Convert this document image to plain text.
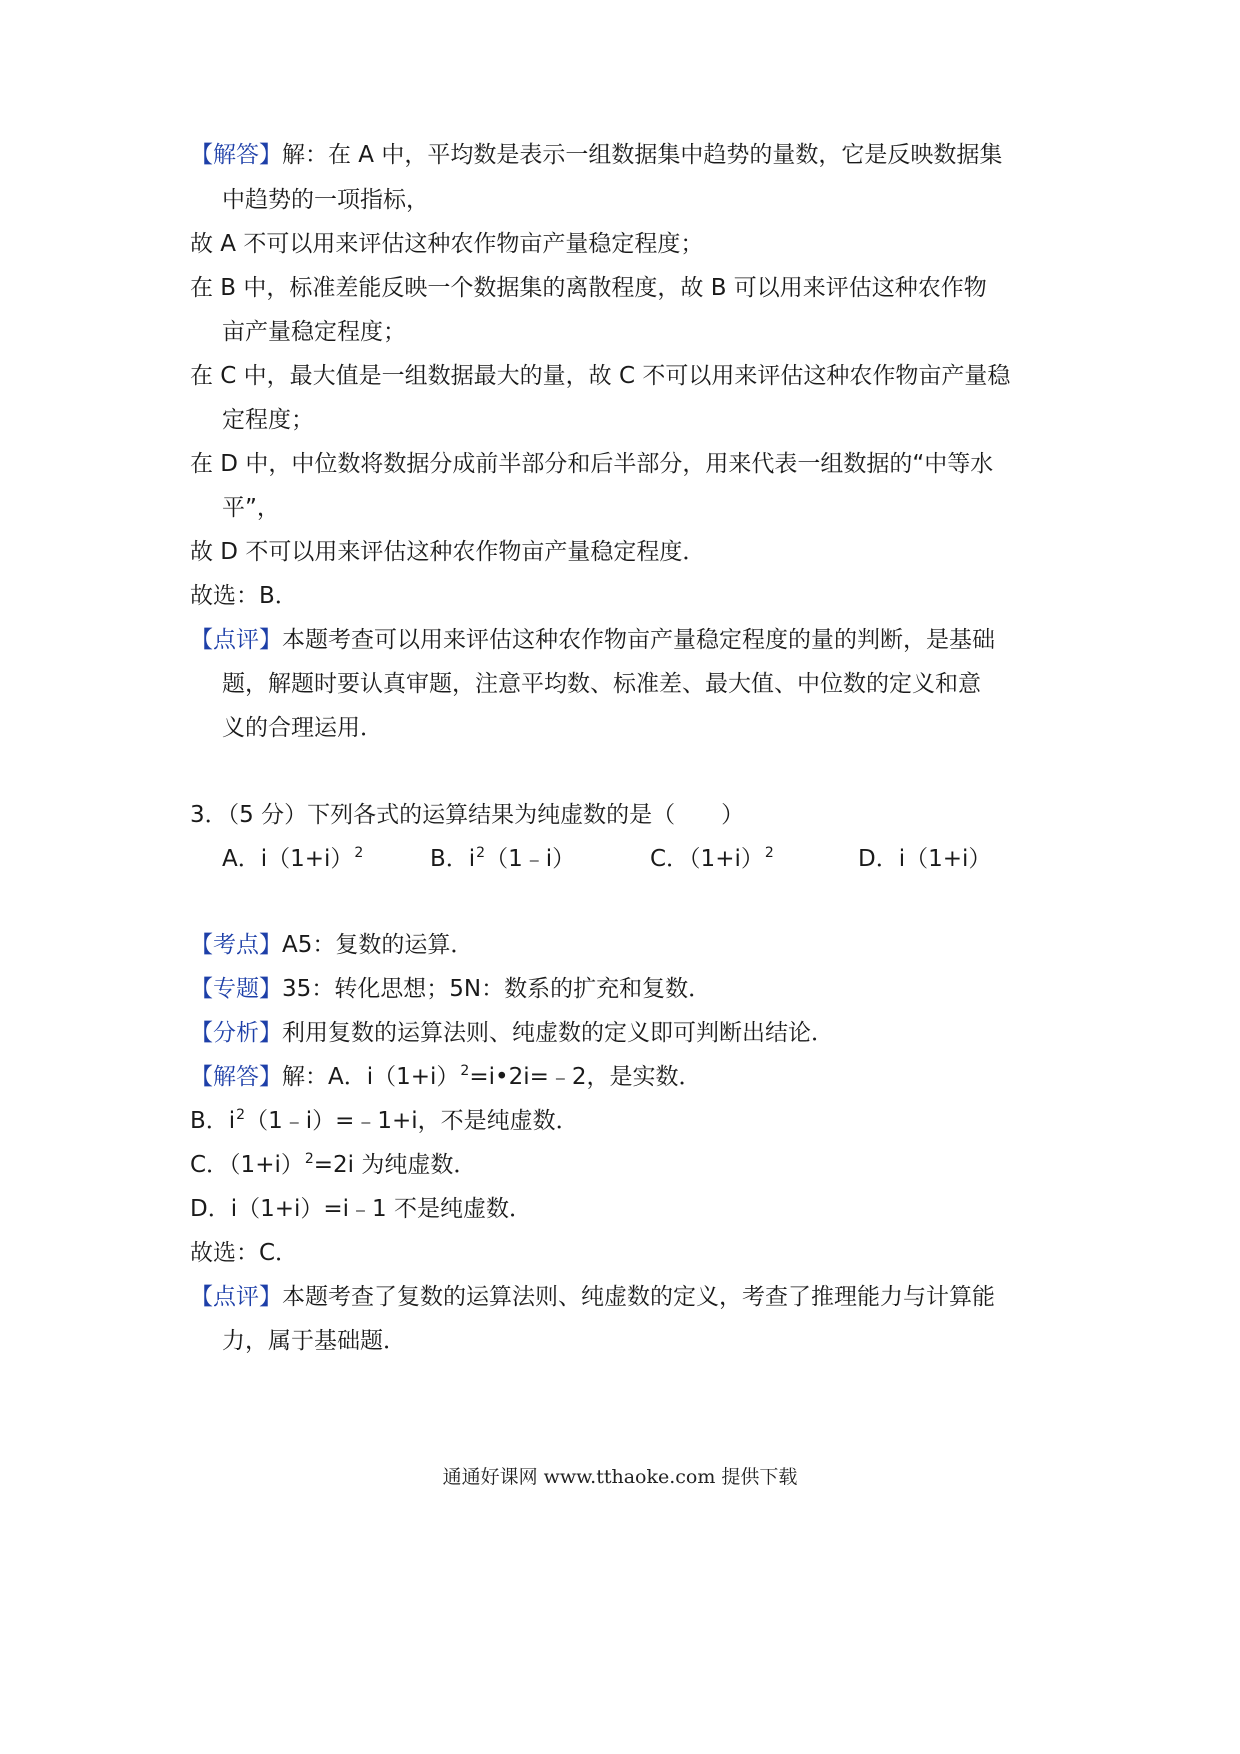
【解答】解：在 A 中，平均数是表示一组数据集中趋势的量数，它是反映数据集
中趋势的一项指标，
故 A 不可以用来评估这种农作物亩产量稳定程度；
在 B 中，标准差能反映一个数据集的离散程度，故 B 可以用来评估这种农作物
亩产量稳定程度；
在 C 中，最大值是一组数据最大的量，故 C 不可以用来评估这种农作物亩产量稳
定程度；
在 D 中，中位数将数据分成前半部分和后半部分，用来代表一组数据的“中等水
平”，
故 D 不可以用来评估这种农作物亩产量稳定程度．
故选：B．
【点评】本题考查可以用来评估这种农作物亩产量稳定程度的量的判断，是基础
题，解题时要认真审题，注意平均数、标准差、最大值、中位数的定义和意
义的合理运用．
3．（5 分）下列各式的运算结果为纯虚数的是（　　）
A．$i(1+i)^2$	B．$i^2(1﹣i)$	C．$(1+i)^2$	D．i（1+i）
【考点】A5：复数的运算．
【专题】35：转化思想；5N：数系的扩充和复数．
【分析】利用复数的运算法则、纯虚数的定义即可判断出结论．
【解答】解：A．$i(1+i)^2=i•2i=﹣2$，是实数．
B．$i^2(1﹣i)=﹣1+i$，不是纯虚数．
C．$(1+i)^2=2i$ 为纯虚数．
D．i（1+i）=i﹣1 不是纯虚数．
故选：C．
【点评】本题考查了复数的运算法则、纯虚数的定义，考查了推理能力与计算能
力，属于基础题．
通通好课网 www.tthaoke.com 提供下载
